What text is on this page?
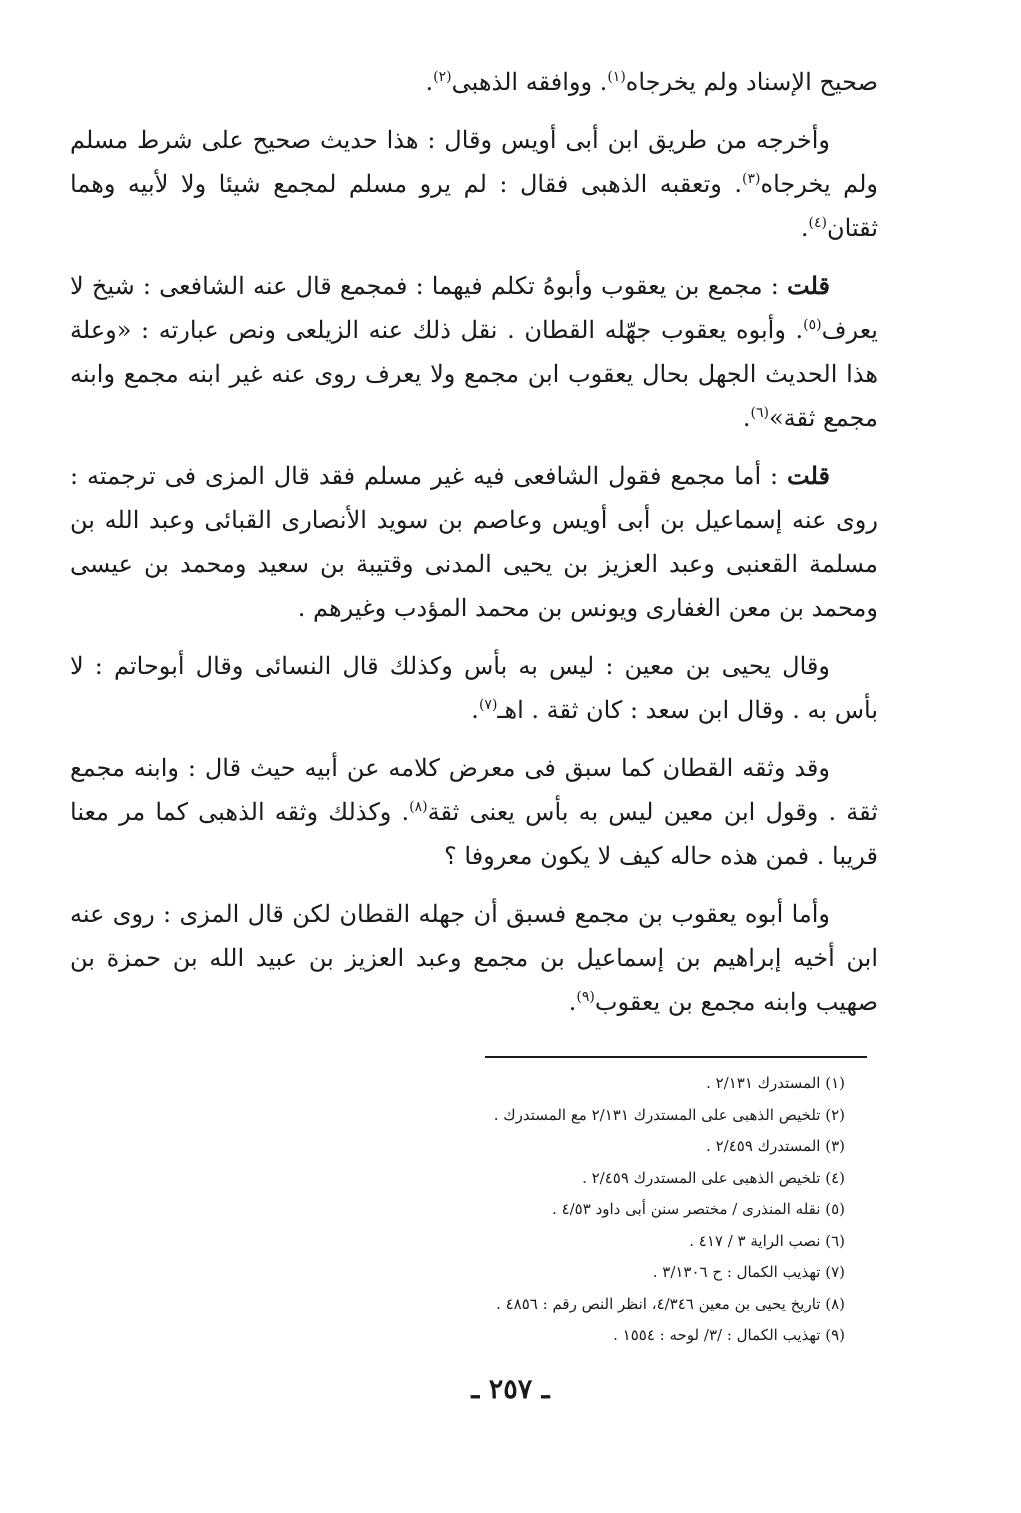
صحيح الإسناد ولم يخرجاه$^{(١)}$. ووافقه الذهبى$^{(٢)}$.

وأخرجه من طريق ابن أبى أويس وقال : هذا حديث صحيح على شرط مسلم ولم يخرجاه$^{(٣)}$. وتعقبه الذهبى فقال : لم يرو مسلم لمجمع شيئا ولا لأبيه وهما ثقتان$^{(٤)}$.

قلت : مجمع بن يعقوب وأبوهُ تكلم فيهما : فمجمع قال عنه الشافعى : شيخ لا يعرف$^{(٥)}$. وأبوه يعقوب جهّله القطان . نقل ذلك عنه الزيلعى ونص عبارته : «وعلة هذا الحديث الجهل بحال يعقوب ابن مجمع ولا يعرف روى عنه غير ابنه مجمع وابنه مجمع ثقة»$^{(٦)}$.

قلت : أما مجمع فقول الشافعى فيه غير مسلم فقد قال المزى فى ترجمته : روى عنه إسماعيل بن أبى أويس وعاصم بن سويد الأنصارى القبائى وعبد الله بن مسلمة القعنبى وعبد العزيز بن يحيى المدنى وقتيبة بن سعيد ومحمد بن عيسى ومحمد بن معن الغفارى ويونس بن محمد المؤدب وغيرهم .

وقال يحيى بن معين : ليس به بأس وكذلك قال النسائى وقال أبوحاتم : لا بأس به . وقال ابن سعد : كان ثقة . اهـ$^{(٧)}$.

وقد وثقه القطان كما سبق فى معرض كلامه عن أبيه حيث قال : وابنه مجمع ثقة . وقول ابن معين ليس به بأس يعنى ثقة$^{(٨)}$. وكذلك وثقه الذهبى كما مر معنا قريبا . فمن هذه حاله كيف لا يكون معروفا ؟

وأما أبوه يعقوب بن مجمع فسبق أن جهله القطان لكن قال المزى : روى عنه ابن أخيه إبراهيم بن إسماعيل بن مجمع وعبد العزيز بن عبيد الله بن حمزة بن صهيب وابنه مجمع بن يعقوب$^{(٩)}$.

(١) المستدرك ٢/١٣١ .
(٢) تلخيص الذهبى على المستدرك ٢/١٣١ مع المستدرك .
(٣) المستدرك ٢/٤٥٩ .
(٤) تلخيص الذهبى على المستدرك ٢/٤٥٩ .
(٥) نقله المنذرى / مختصر سنن أبى داود ٤/٥٣ .
(٦) نصب الراية ٣ / ٤١٧ .
(٧) تهذيب الكمال : ح ٣/١٣٠٦ .
(٨) تاريخ يحيى بن معين ٤/٣٤٦، انظر النص رقم : ٤٨٥٦ .
(٩) تهذيب الكمال : /٣/ لوحه : ١٥٥٤ .
ـ ٢٥٧ ـ
